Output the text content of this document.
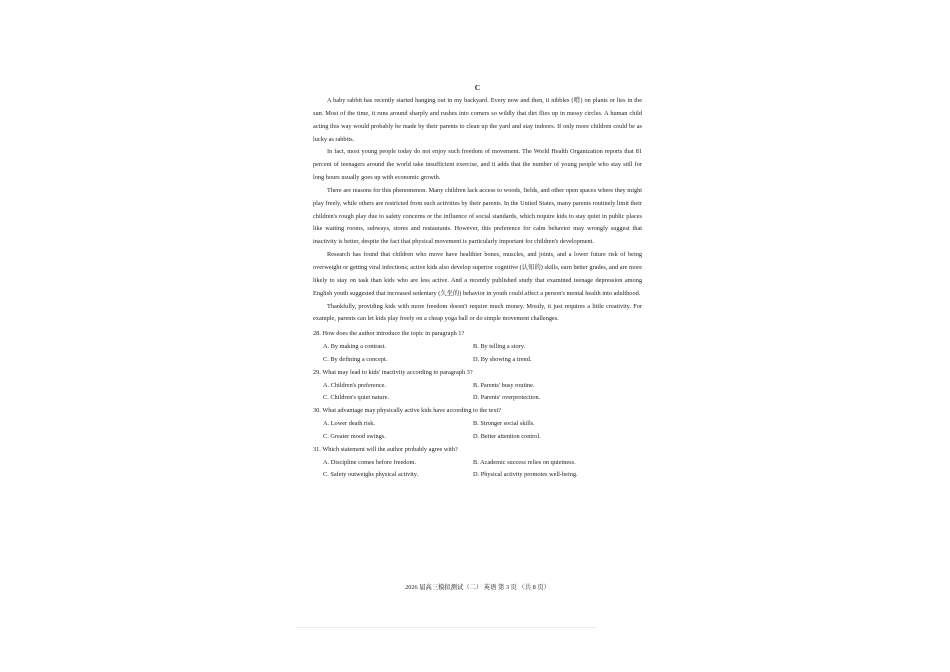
C

A baby rabbit has recently started hanging out in my backyard. Every now and then, it nibbles (啃) on plants or lies in the sun. Most of the time, it runs around sharply and rushes into corners so wildly that dirt flies up in messy circles. A human child acting this way would probably be made by their parents to clean up the yard and stay indoors. If only more children could be as lucky as rabbits.

In fact, most young people today do not enjoy such freedom of movement. The World Health Organization reports that 81 percent of teenagers around the world take insufficient exercise, and it adds that the number of young people who stay still for long hours usually goes up with economic growth.

There are reasons for this phenomenon. Many children lack access to woods, fields, and other open spaces where they might play freely, while others are restricted from such activities by their parents. In the United States, many parents routinely limit their children's rough play due to safety concerns or the influence of social standards, which require kids to stay quiet in public places like waiting rooms, subways, stores and restaurants. However, this preference for calm behavior may wrongly suggest that inactivity is better, despite the fact that physical movement is particularly important for children's development.

Research has found that children who move have healthier bones, muscles, and joints, and a lower future risk of being overweight or getting viral infections; active kids also develop superior cognitive (认知的) skills, earn better grades, and are more likely to stay on task than kids who are less active. And a recently published study that examined teenage depression among English youth suggested that increased sedentary (久坐的) behavior in youth could affect a person's mental health into adulthood.

Thankfully, providing kids with more freedom doesn't require much money. Mostly, it just requires a little creativity. For example, parents can let kids play freely on a cheap yoga ball or do simple movement challenges.

28. How does the author introduce the topic in paragraph 1?

A. By making a contrast.	B. By telling a story.
C. By defining a concept.	D. By showing a trend.

29. What may lead to kids' inactivity according to paragraph 3?

A. Children's preference.	B. Parents' busy routine.
C. Children's quiet nature.	D. Parents' overprotection.

30. What advantage may physically active kids have according to the text?

A. Lower death risk.	B. Stronger social skills.
C. Greater mood swings.	D. Better attention control.

31. Which statement will the author probably agree with?

A. Discipline comes before freedom.	B. Academic success relies on quietness.
C. Safety outweighs physical activity.	D. Physical activity promotes well-being.
2026 届高三模拟测试（二） 英语 第 3 页 （共 8 页）
